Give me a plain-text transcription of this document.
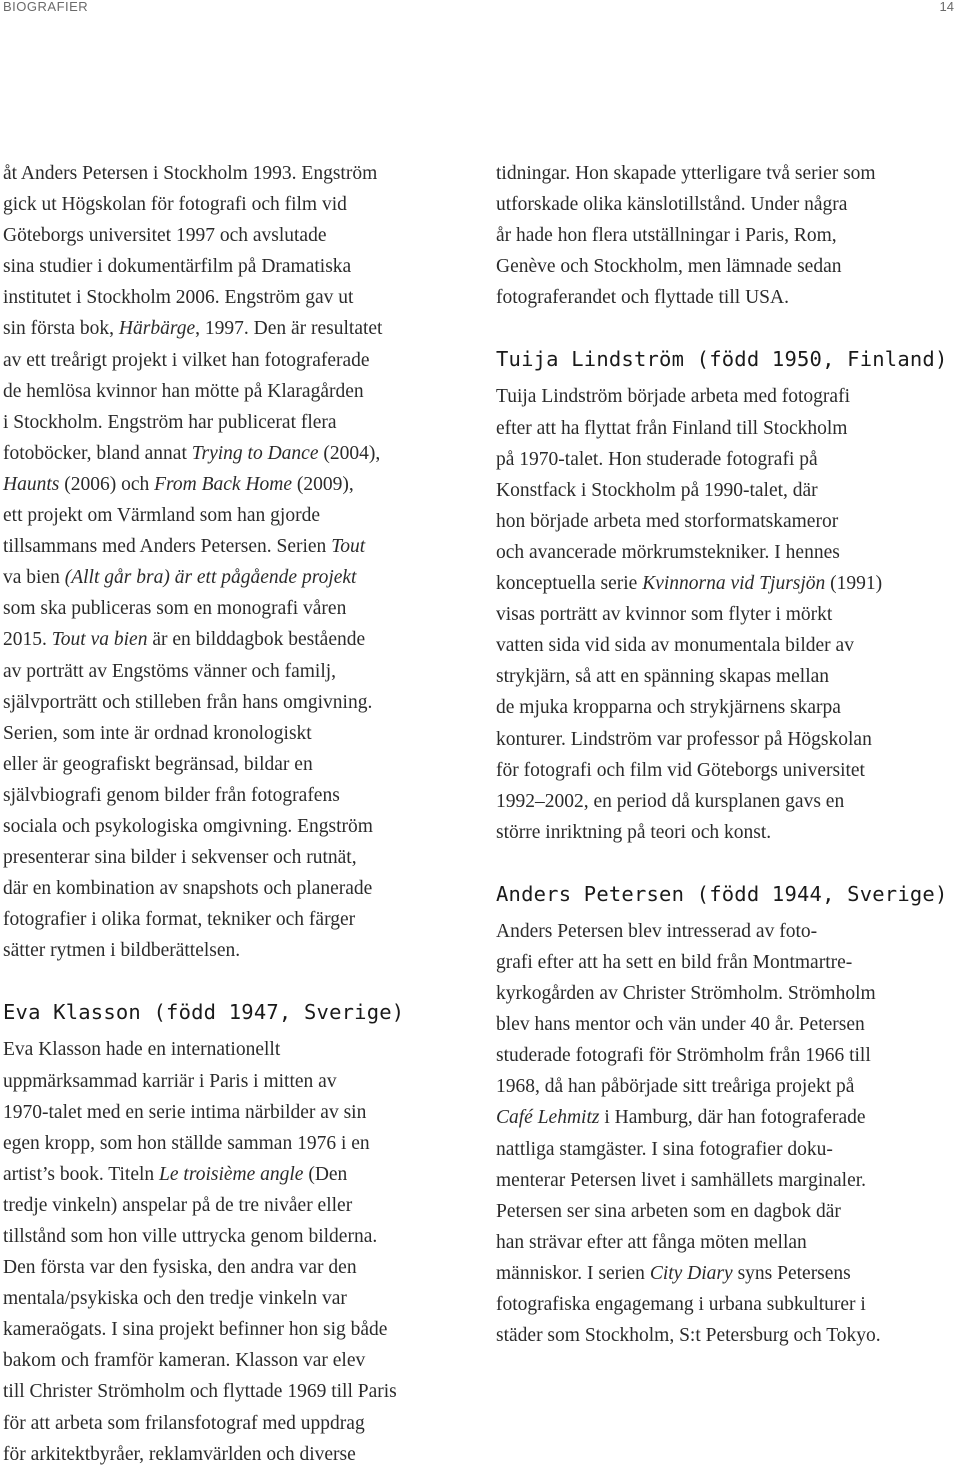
BIOGRAFIER	14

åt Anders Petersen i Stockholm 1993. Engström

gick ut Högskolan för fotografi och film vid

Göteborgs universitet 1997 och avslutade

sina studier i dokumentärfilm på Dramatiska

institutet i Stockholm 2006. Engström gav ut

sin första bok, Härbärge, 1997. Den är resultatet

av ett treårigt projekt i vilket han fotograferade

de hemlösa kvinnor han mötte på Klaragården

i Stockholm. Engström har publicerat flera

fotoböcker, bland annat Trying to Dance (2004),

Haunts (2006) och From Back Home (2009),

ett projekt om Värmland som han gjorde

tillsammans med Anders Petersen. Serien Tout

va bien (Allt går bra) är ett pågående projekt

som ska publiceras som en monografi våren

2015. Tout va bien är en bilddagbok bestående

av porträtt av Engstöms vänner och familj,

självporträtt och stilleben från hans omgivning.

Serien, som inte är ordnad kronologiskt

eller är geografiskt begränsad, bildar en

självbiografi genom bilder från fotografens

sociala och psykologiska omgivning. Engström

presenterar sina bilder i sekvenser och rutnät,

där en kombination av snapshots och planerade

fotografier i olika format, tekniker och färger

sätter rytmen i bildberättelsen.

Eva Klasson (född 1947, Sverige)

Eva Klasson hade en internationellt

uppmärksammad karriär i Paris i mitten av

1970-talet med en serie intima närbilder av sin

egen kropp, som hon ställde samman 1976 i en

artist’s book. Titeln Le troisième angle (Den

tredje vinkeln) anspelar på de tre nivåer eller

tillstånd som hon ville uttrycka genom bilderna.

Den första var den fysiska, den andra var den

mentala/psykiska och den tredje vinkeln var

kameraögats. I sina projekt befinner hon sig både

bakom och framför kameran. Klasson var elev

till Christer Strömholm och flyttade 1969 till Paris

för att arbeta som frilansfotograf med uppdrag

för arkitektbyråer, reklamvärlden och diverse

tidningar. Hon skapade ytterligare två serier som

utforskade olika känslotillstånd. Under några

år hade hon flera utställningar i Paris, Rom,

Genève och Stockholm, men lämnade sedan

fotograferandet och flyttade till USA.

Tuija Lindström (född 1950, Finland)

Tuija Lindström började arbeta med fotografi

efter att ha flyttat från Finland till Stockholm

på 1970-talet. Hon studerade fotografi på

Konstfack i Stockholm på 1990-talet, där

hon började arbeta med storformatskameror

och avancerade mörkrumstekniker. I hennes

konceptuella serie Kvinnorna vid Tjursjön (1991)

visas porträtt av kvinnor som flyter i mörkt

vatten sida vid sida av monumentala bilder av

strykjärn, så att en spänning skapas mellan

de mjuka kropparna och strykjärnens skarpa

konturer. Lindström var professor på Högskolan

för fotografi och film vid Göteborgs universitet

1992–2002, en period då kursplanen gavs en

större inriktning på teori och konst.

Anders Petersen (född 1944, Sverige)

Anders Petersen blev intresserad av foto-

grafi efter att ha sett en bild från Montmartre-

kyrkogården av Christer Strömholm. Strömholm

blev hans mentor och vän under 40 år. Petersen

studerade fotografi för Strömholm från 1966 till

1968, då han påbörjade sitt treåriga projekt på

Café Lehmitz i Hamburg, där han fotograferade

nattliga stamgäster. I sina fotografier doku-

menterar Petersen livet i samhällets marginaler.

Petersen ser sina arbeten som en dagbok där

han strävar efter att fånga möten mellan

människor. I serien City Diary syns Petersens

fotografiska engagemang i urbana subkulturer i

städer som Stockholm, S:t Petersburg och Tokyo.
